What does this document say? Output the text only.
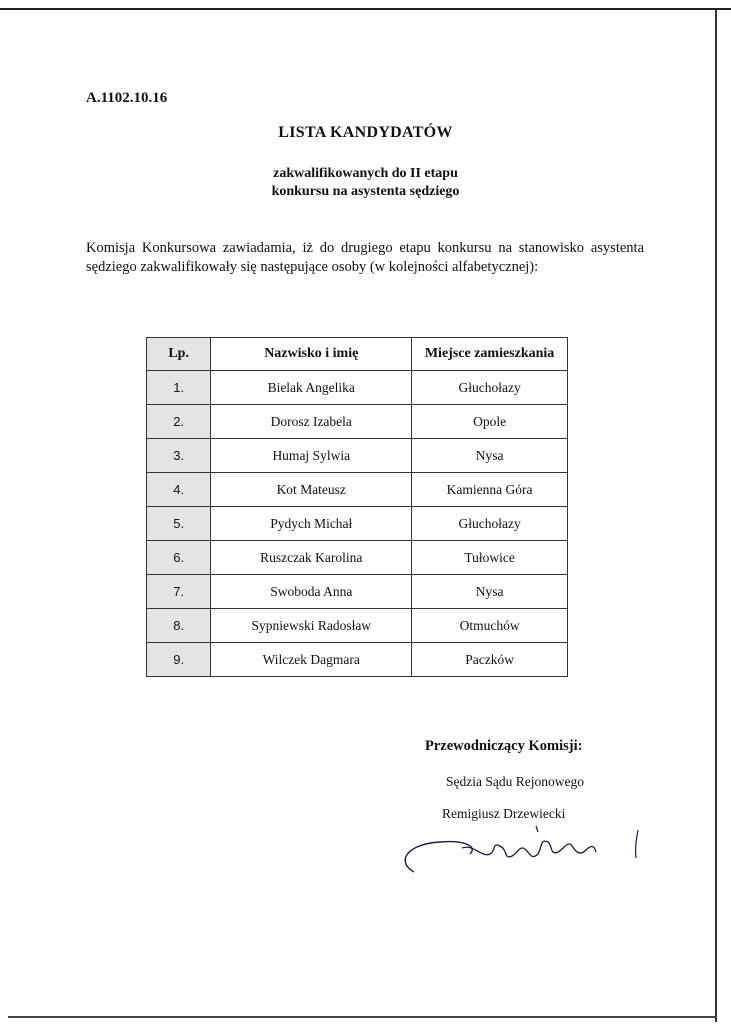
A.1102.10.16
LISTA KANDYDATÓW
zakwalifikowanych do II etapu
konkursu na asystenta sędziego
Komisja Konkursowa zawiadamia, iż do drugiego etapu konkursu na stanowisko asystenta sędziego zakwalifikowały się następujące osoby (w kolejności alfabetycznej):
Lp.	Nazwisko i imię	Miejsce zamieszkania
1.	Bielak Angelika	Głuchołazy
2.	Dorosz Izabela	Opole
3.	Humaj Sylwia	Nysa
4.	Kot Mateusz	Kamienna Góra
5.	Pydych Michał	Głuchołazy
6.	Ruszczak Karolina	Tułowice
7.	Swoboda Anna	Nysa
8.	Sypniewski Radosław	Otmuchów
9.	Wilczek Dagmara	Paczków
Przewodniczący Komisji:
Sędzia Sądu Rejonowego
Remigiusz Drzewiecki
